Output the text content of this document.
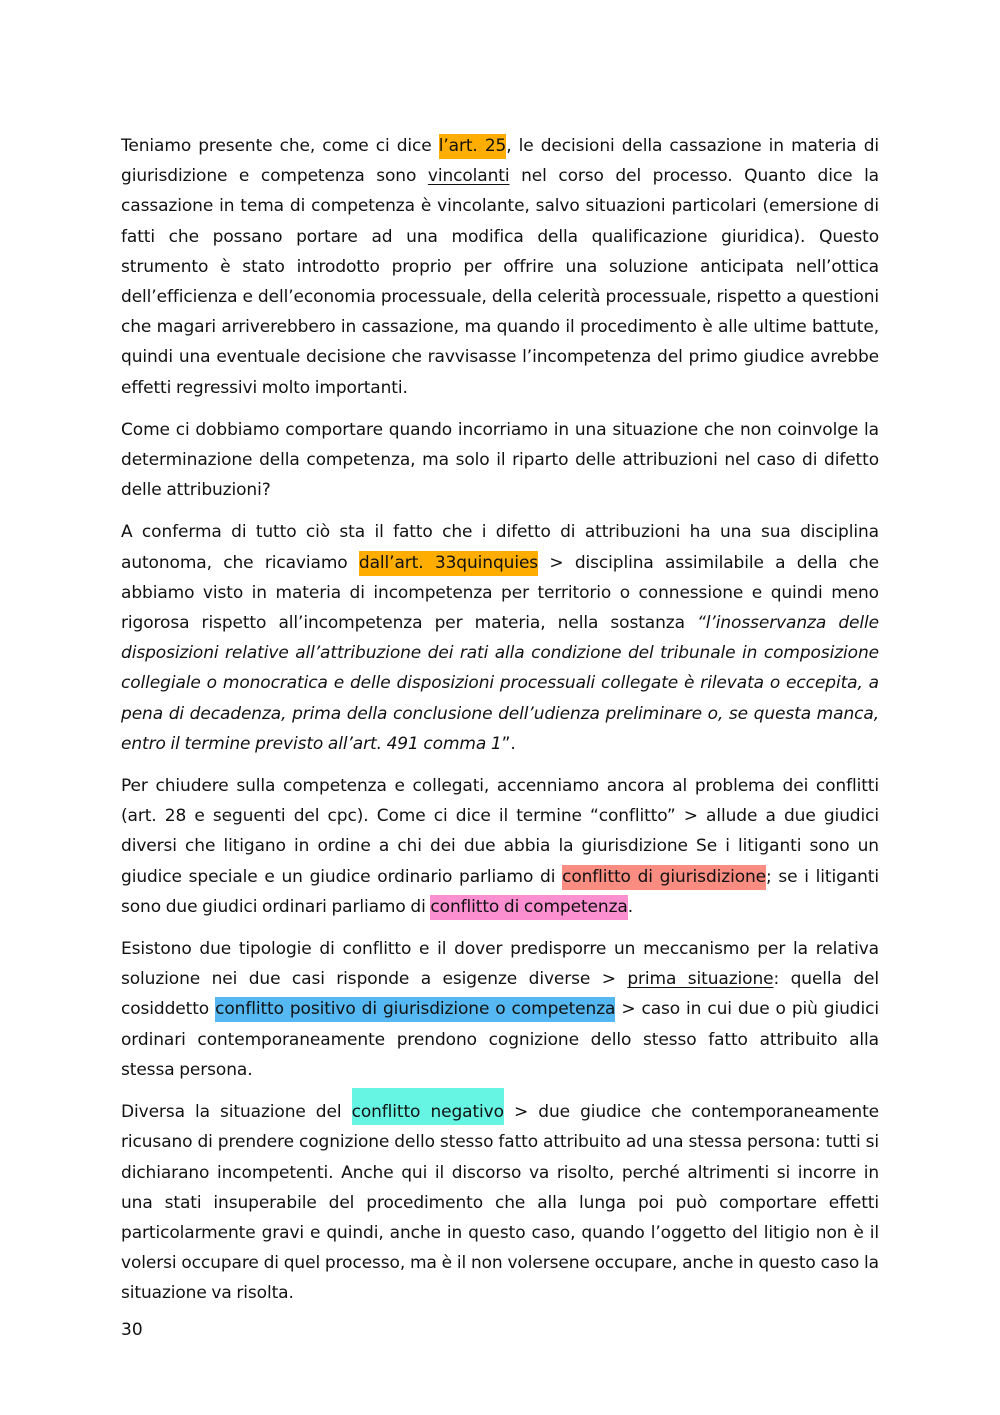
Teniamo presente che, come ci dice l’art. 25, le decisioni della cassazione in materia di giurisdizione e competenza sono vincolanti nel corso del processo. Quanto dice la cassazione in tema di competenza è vincolante, salvo situazioni particolari (emersione di fatti che possano portare ad una modifica della qualificazione giuridica). Questo strumento è stato introdotto proprio per offrire una soluzione anticipata nell’ottica dell’efficienza e dell’economia processuale, della celerità processuale, rispetto a questioni che magari arriverebbero in cassazione, ma quando il procedimento è alle ultime battute, quindi una eventuale decisione che ravvisasse l’incompetenza del primo giudice avrebbe effetti regressivi molto importanti.

Come ci dobbiamo comportare quando incorriamo in una situazione che non coinvolge la determinazione della competenza, ma solo il riparto delle attribuzioni nel caso di difetto delle attribuzioni?

A conferma di tutto ciò sta il fatto che i difetto di attribuzioni ha una sua disciplina autonoma, che ricaviamo dall’art. 33quinquies > disciplina assimilabile a della che abbiamo visto in materia di incompetenza per territorio o connessione e quindi meno rigorosa rispetto all’incompetenza per materia, nella sostanza “l’inosservanza delle disposizioni relative all’attribuzione dei rati alla condizione del tribunale in composizione collegiale o monocratica e delle disposizioni processuali collegate è rilevata o eccepita, a pena di decadenza, prima della conclusione dell’udienza preliminare o, se questa manca, entro il termine previsto all’art. 491 comma 1”.

Per chiudere sulla competenza e collegati, accenniamo ancora al problema dei conflitti (art. 28 e seguenti del cpc). Come ci dice il termine “conflitto” > allude a due giudici diversi che litigano in ordine a chi dei due abbia la giurisdizione Se i litiganti sono un giudice speciale e un giudice ordinario parliamo di conflitto di giurisdizione; se i litiganti sono due giudici ordinari parliamo di conflitto di competenza.

Esistono due tipologie di conflitto e il dover predisporre un meccanismo per la relativa soluzione nei due casi risponde a esigenze diverse > prima situazione: quella del cosiddetto conflitto positivo di giurisdizione o competenza > caso in cui due o più giudici ordinari contemporaneamente prendono cognizione dello stesso fatto attribuito alla stessa persona.

Diversa la situazione del conflitto negativo > due giudice che contemporaneamente ricusano di prendere cognizione dello stesso fatto attribuito ad una stessa persona: tutti si dichiarano incompetenti. Anche qui il discorso va risolto, perché altrimenti si incorre in una stati insuperabile del procedimento che alla lunga poi può comportare effetti particolarmente gravi e quindi, anche in questo caso, quando l’oggetto del litigio non è il volersi occupare di quel processo, ma è il non volersene occupare, anche in questo caso la situazione va risolta.

30
